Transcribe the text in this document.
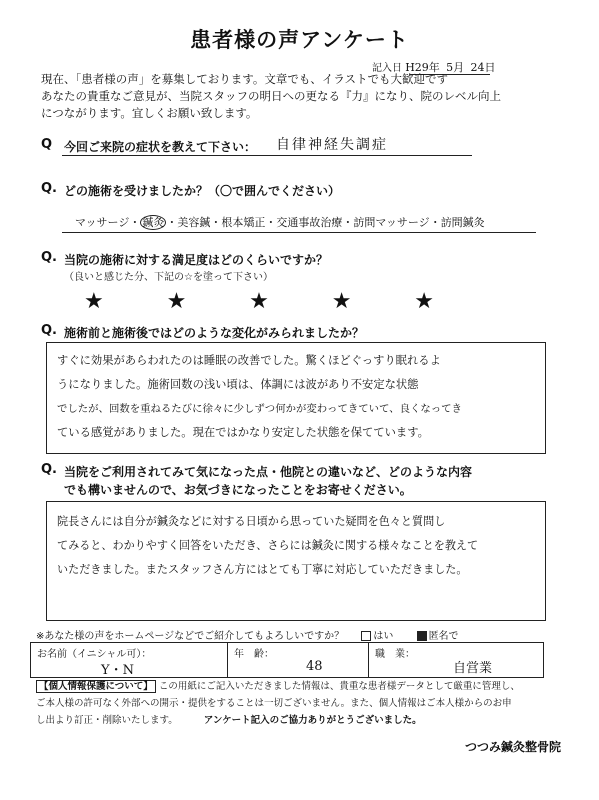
患者様の声アンケート
記入日 H29年 5月 24日
現在、「患者様の声」を募集しております。文章でも、イラストでも大歓迎です
あなたの貴重なご意見が、当院スタッフの明日への更なる『力』になり、院のレベル向上
につながります。宜しくお願い致します。
Q 今回ご来院の症状を教えて下さい： 自律神経失調症
Q. どの施術を受けましたか？（〇で囲んでください）
マッサージ・ 鍼灸 ・美容鍼・根本矯正・交通事故治療・訪問マッサージ・訪問鍼灸
Q. 当院の施術に対する満足度はどのくらいですか？
（良いと感じた分、下記の☆を塗って下さい）
★	★	★	★	★
Q. 施術前と施術後ではどのような変化がみられましたか？
すぐに効果があらわれたのは睡眠の改善でした。驚くほどぐっすり眠れるよ
うになりました。施術回数の浅い頃は、体調には波があり不安定な状態
でしたが、回数を重ねるたびに徐々に少しずつ何かが変わってきていて、良くなってき
ている感覚がありました。現在ではかなり安定した状態を保てています。
Q. 当院をご利用されてみて気になった点・他院との違いなど、どのような内容
でも構いませんので、お気づきになったことをお寄せください。
院長さんには自分が鍼灸などに対する日頃から思っていた疑問を色々と質問し
てみると、わかりやすく回答をいただき、さらには鍼灸に関する様々なことを教えて
いただきました。またスタッフさん方にはとても丁寧に対応していただきました。
※あなた様の声をホームページなどでご紹介してもよろしいですか？	はい	匿名で
お名前（イニシャル可）：
Y・N
年　齢：
48
職　業：
自営業
【個人情報保護について】 この用紙にご記入いただきました情報は、貴重な患者様データとして厳重に管理し、
ご本人様の許可なく外部への開示・提供をすることは一切ございません。また、個人情報はご本人様からのお申
し出より訂正・削除いたします。	アンケート記入のご協力ありがとうございました。
つつみ鍼灸整骨院
